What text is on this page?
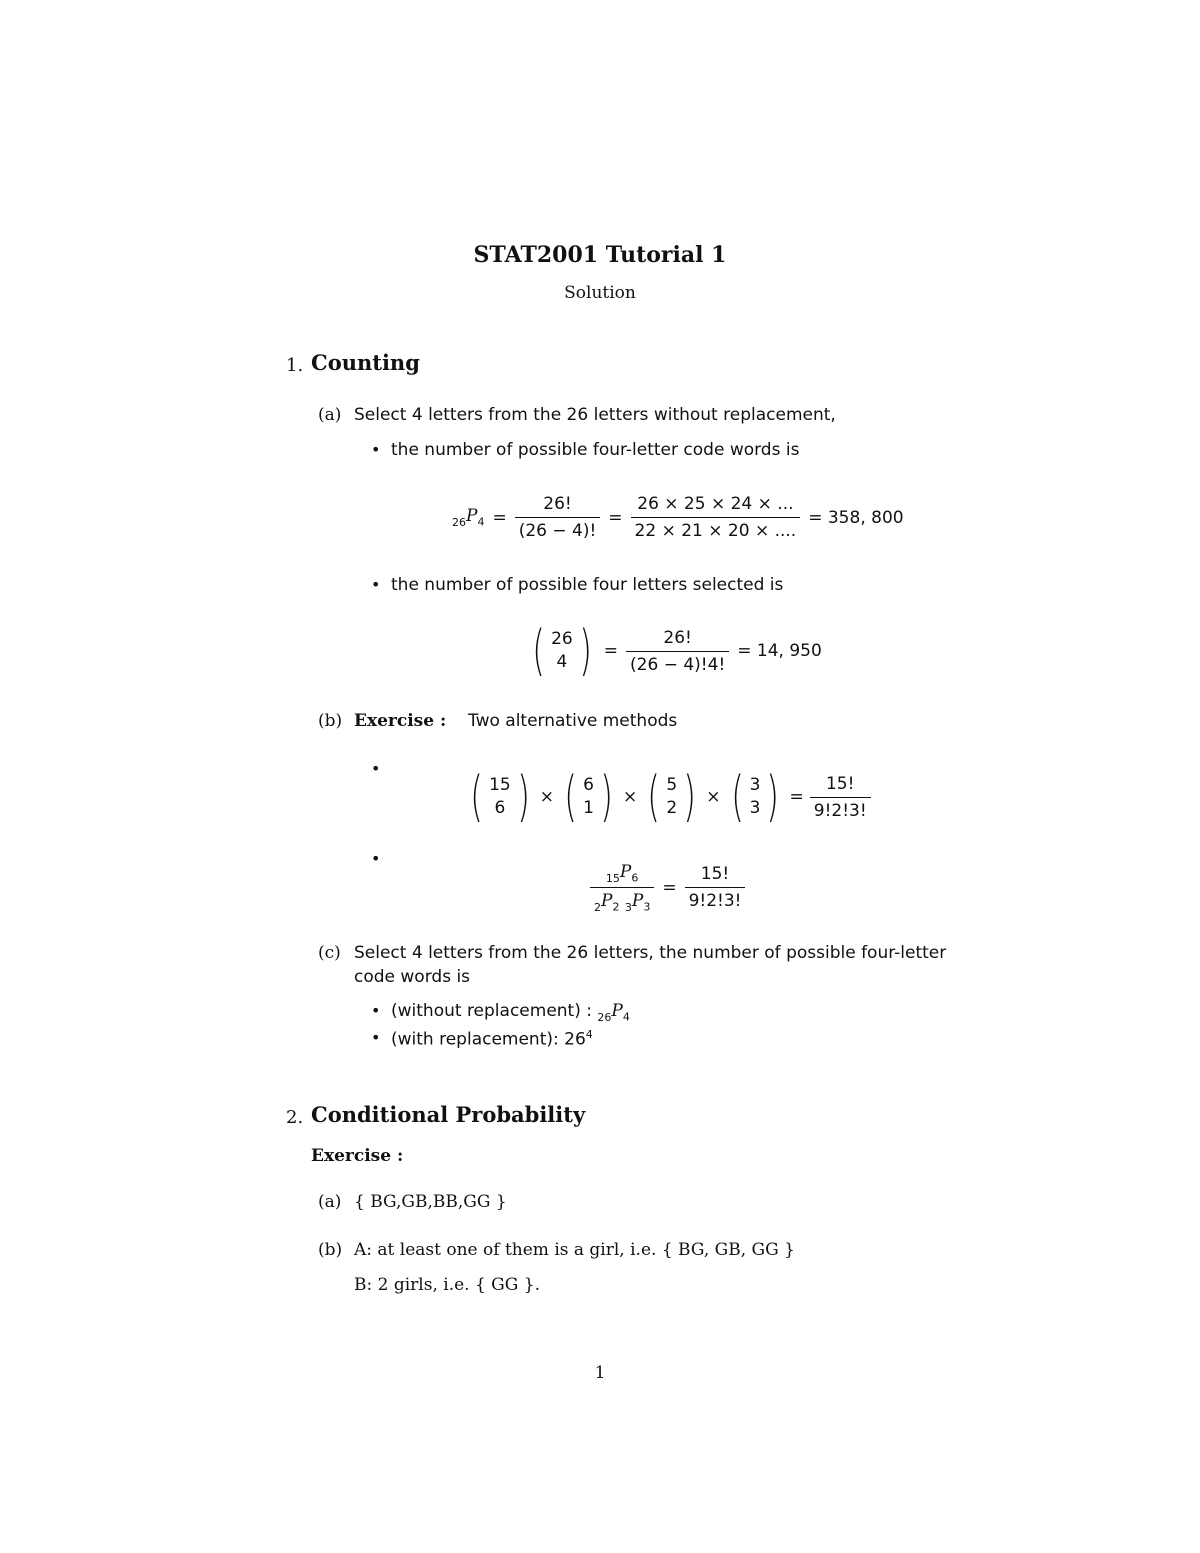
STAT2001 Tutorial 1
Solution
1. Counting
(a) Select 4 letters from the 26 letters without replacement,
• the number of possible four-letter code words is
$_{26}P_4 = \frac{26!}{(26 - 4)!} = \frac{26 \times 25 \times 24 \times ...}{22 \times 21 \times 20 \times ....} = 358$, 800
• the number of possible four letters selected is
( 26
4 ) = $\frac{26!}{(26 - 4)!4!} = 14$, 950
(b) Exercise : Two alternative methods
• ( 15
6 ) × ( 6
1 ) × ( 5
2 ) × ( 3
3 ) = $\frac{15!}{9!2!3!}$
•
$\frac{_{15}P_6}{_2P_2 _3P_3} = \frac{15!}{9!2!3!}$
(c) Select 4 letters from the 26 letters, the number of possible four-letter
code words is
• (without replacement) : $_{26}P_4$
• (with replacement): $26^4$
2. Conditional Probability
Exercise :
(a) { BG,GB,BB,GG }
(b) A: at least one of them is a girl, i.e. { BG, GB, GG }
B: 2 girls, i.e. { GG }.
1
